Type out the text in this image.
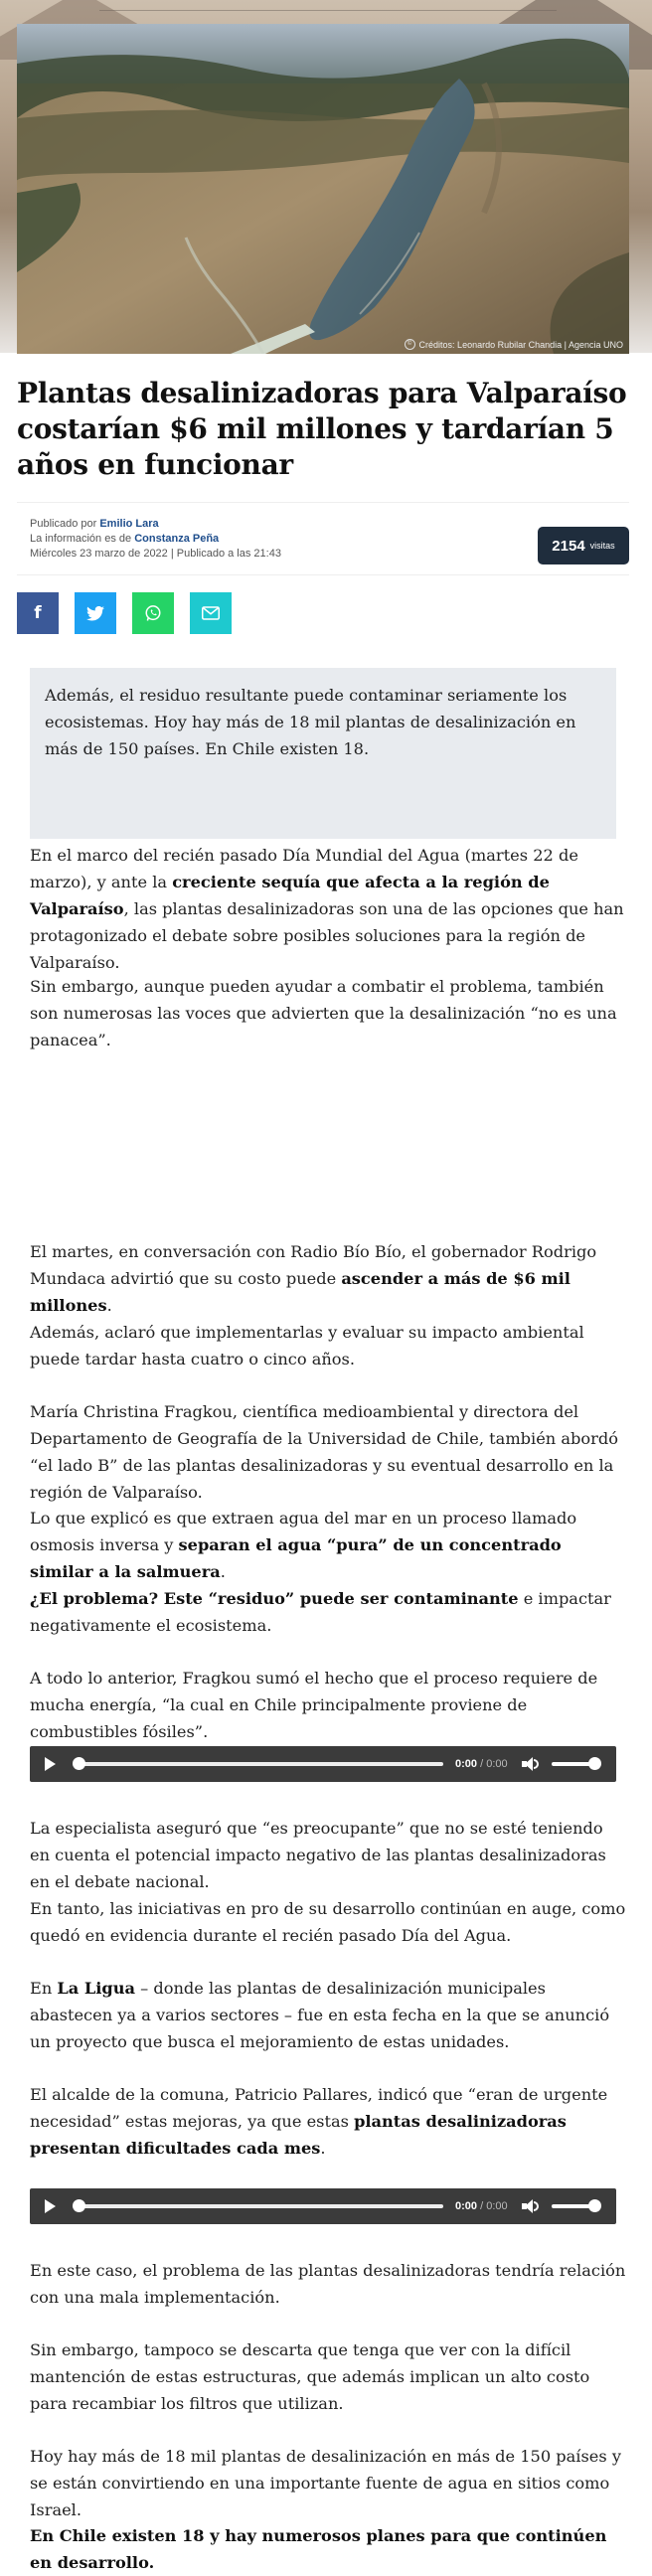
© Créditos: Leonardo Rubilar Chandia | Agencia UNO
Plantas desalinizadoras para Valparaíso costarían $6 mil millones y tardarían 5 años en funcionar
Publicado por Emilio Lara
La información es de Constanza Peña
Miércoles 23 marzo de 2022 | Publicado a las 21:43	2154 visitas
f
Además, el residuo resultante puede contaminar seriamente los ecosistemas. Hoy hay más de 18 mil plantas de desalinización en más de 150 países. En Chile existen 18.

En el marco del recién pasado Día Mundial del Agua (martes 22 de marzo), y ante la creciente sequía que afecta a la región de Valparaíso, las plantas desalinizadoras son una de las opciones que han protagonizado el debate sobre posibles soluciones para la región de Valparaíso.

Sin embargo, aunque pueden ayudar a combatir el problema, también son numerosas las voces que advierten que la desalinización “no es una panacea”.

El martes, en conversación con Radio Bío Bío, el gobernador Rodrigo Mundaca advirtió que su costo puede ascender a más de $6 mil millones.

Además, aclaró que implementarlas y evaluar su impacto ambiental puede tardar hasta cuatro o cinco años.

María Christina Fragkou, científica medioambiental y directora del Departamento de Geografía de la Universidad de Chile, también abordó “el lado B” de las plantas desalinizadoras y su eventual desarrollo en la región de Valparaíso.

Lo que explicó es que extraen agua del mar en un proceso llamado osmosis inversa y separan el agua “pura” de un concentrado similar a la salmuera.

¿El problema? Este “residuo” puede ser contaminante e impactar negativamente el ecosistema.

A todo lo anterior, Fragkou sumó el hecho que el proceso requiere de mucha energía, “la cual en Chile principalmente proviene de combustibles fósiles”.

0:00 / 0:00

La especialista aseguró que “es preocupante” que no se esté teniendo en cuenta el potencial impacto negativo de las plantas desalinizadoras en el debate nacional.

En tanto, las iniciativas en pro de su desarrollo continúan en auge, como quedó en evidencia durante el recién pasado Día del Agua.

En La Ligua – donde las plantas de desalinización municipales abastecen ya a varios sectores – fue en esta fecha en la que se anunció un proyecto que busca el mejoramiento de estas unidades.

El alcalde de la comuna, Patricio Pallares, indicó que “eran de urgente necesidad” estas mejoras, ya que estas plantas desalinizadoras presentan dificultades cada mes.

0:00 / 0:00

En este caso, el problema de las plantas desalinizadoras tendría relación con una mala implementación.

Sin embargo, tampoco se descarta que tenga que ver con la difícil mantención de estas estructuras, que además implican un alto costo para recambiar los filtros que utilizan.

Hoy hay más de 18 mil plantas de desalinización en más de 150 países y se están convirtiendo en una importante fuente de agua en sitios como Israel.

En Chile existen 18 y hay numerosos planes para que continúen en desarrollo.
